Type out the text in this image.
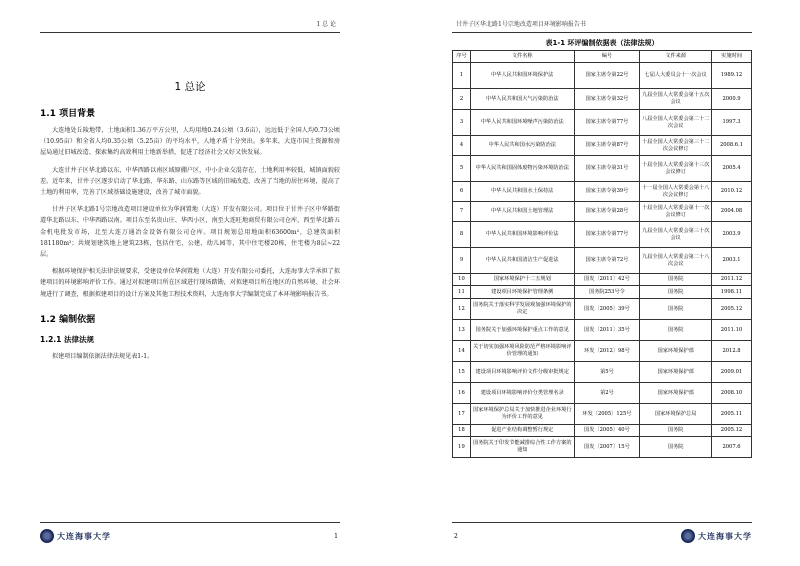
1 总 论
1 总论
1.1 项目背景
大连地处丘陵地带，土地面积1.36万平方公里，人均用地0.24公顷（3.6亩），远远低于全国人均0.73公顷（10.95亩）和全省人均0.35公顷（5.25亩）的平均水平，人地矛盾十分突出。多年来，大连市国土资源和房屋局通过旧城改造、探索集约高效利用土地新举措，促进了经济社会又好又快发展。
大连甘井子区华北路以东、中华西路以南区域原棚户区，中小企业交混存在，土地利用率较低，城镇面貌较差。近年来，甘井子区逐步启动了华北路、华东路、山东路等区域的旧城改造，改善了当地的居住环境，提高了土地的利用率，完善了区域基础设施建设，改善了城市面貌。
甘井子区华北路1号宗地改造项目建设单位为华润置地（大连）开发有限公司。项目位于甘井子区中华路街道华北路以东、中华西路以南。项目东至名贵山庄、华西小区，南至大连旺地商贸有限公司仓库，西至华北路五金机电批发市场，北至大连万通冶金设备有限公司仓库。项目规划总用地面积63600m²，总建筑面积181180m²；共规划建筑地上建筑23栋，包括住宅、公建、幼儿园等，其中住宅楼20栋，住宅楼为8层~22层。
根据环境保护相关法律法规要求，受建设单位华润置地（大连）开发有限公司委托，大连海事大学承担了拟建项目的环境影响评价工作。通过对拟建项目所在区域进行现场踏勘，对拟建项目所在地区的自然环境、社会环境进行了调查，根据拟建项目的设计方案及其他工程技术资料，大连海事大学编制完成了本环境影响报告书。
1.2 编制依据
1.2.1 法律法规
拟建项目编制依据法律法规见表1-1。
大连海事大学	1
甘井子区华北路1号宗地改造项目环境影响报告书
表1-1 环评编制依据表（法律法规）
序号	文件名称	编号	文件来源	实施时间
1	中华人民共和国环境保护法	国家主席令第22号	七届人大委员会十一次会议	1989.12
2	中华人民共和国大气污染防治法	国家主席令第32号	九届全国人大常委会第十五次会议	2000.9
3	中华人民共和国环境噪声污染防治法	国家主席令第77号	八届全国人大常委会第二十二次会议	1997.3
4	中华人民共和国水污染防治法	国家主席令第87号	十届全国人大常委会第三十二次会议修订	2008.6.1
5	中华人民共和国固体废物污染环境防治法	国家主席令第31号	十届全国人大常委会第十三次会议修订	2005.4
6	中华人民共和国水土保持法	国家主席令第39号	十一届全国人大常委会第十八次会议修订	2010.12
7	中华人民共和国土地管理法	国家主席令第28号	十届全国人大常委会第十一次会议修订	2004.08
8	中华人民共和国环境影响评价法	国家主席令第77号	九届全国人大常委会第三十次会议	2003.9
9	中华人民共和国清洁生产促进法	国家主席令第72号	九届全国人大常委会第二十八次会议	2003.1
10	国家环境保护十二五规划	国发〔2011〕42号	国务院	2011.12
11	建设项目环境保护管理条例	国务院253号令	国务院	1998.11
12	国务院关于落实科学发展观加强环境保护的决定	国发〔2005〕39号	国务院	2005.12
13	国务院关于加强环境保护重点工作的意见	国发〔2011〕35号	国务院	2011.10
14	关于切实加强环境风险防范严格环境影响评价管理的通知	环发〔2012〕98号	国家环境保护部	2012.8
15	建设项目环境影响评价文件分级审批规定	第5号	国家环境保护部	2009.01
16	建设项目环境影响评价分类管理名录	第2号	国家环境保护部	2008.10
17	国家环境保护总局关于加快推进企业环境行为评价工作的意见	环发〔2005〕125号	国家环境保护总局	2005.11
18	促进产业结构调整暂行规定	国发〔2005〕40号	国务院	2005.12
19	国务院关于印发节能减排综合性工作方案的通知	国发〔2007〕15号	国务院	2007.6
2	大连海事大学
